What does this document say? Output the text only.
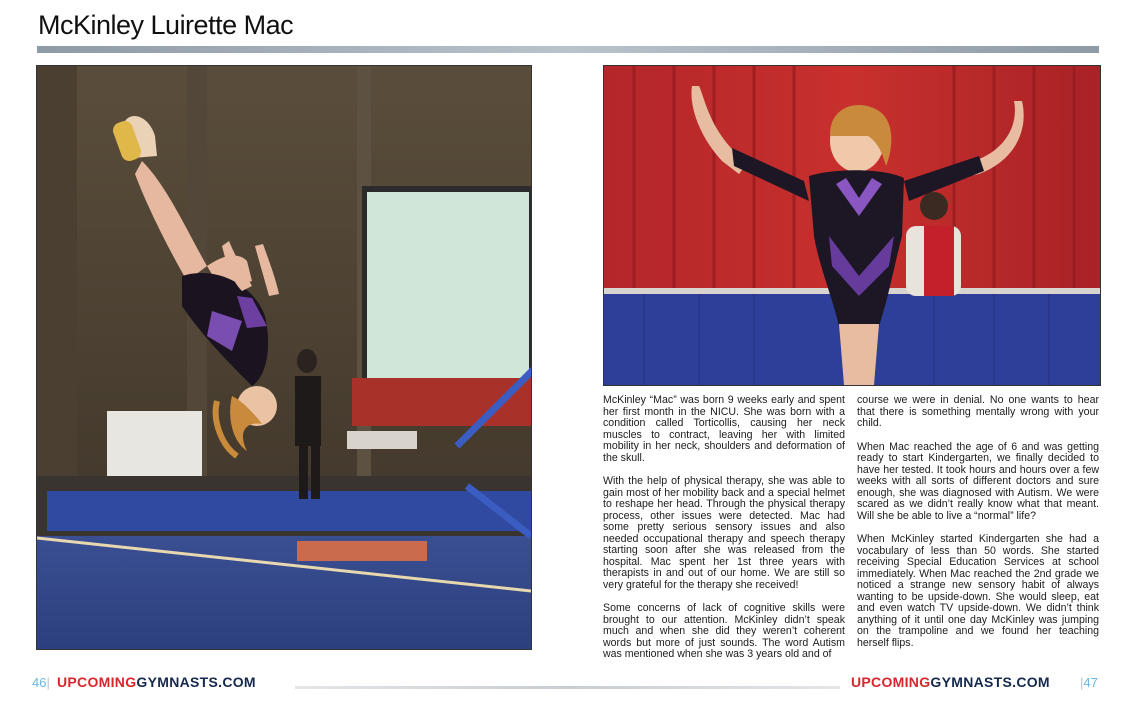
McKinley Luirette Mac

McKinley “Mac” was born 9 weeks early and spent her first month in the NICU. She was born with a condition called Torticollis, causing her neck muscles to contract, leaving her with limited mobility in her neck, shoulders and deformation of the skull.

With the help of physical therapy, she was able to gain most of her mobility back and a special helmet to reshape her head. Through the physical therapy process, other issues were detected. Mac had some pretty serious sensory issues and also needed occupational therapy and speech therapy starting soon after she was released from the hospital. Mac spent her 1st three years with therapists in and out of our home. We are still so very grateful for the therapy she received!

Some concerns of lack of cognitive skills were brought to our attention. McKinley didn’t speak much and when she did they weren’t coherent words but more of just sounds. The word Autism was mentioned when she was 3 years old and of

course we were in denial. No one wants to hear that there is something mentally wrong with your child.

When Mac reached the age of 6 and was getting ready to start Kindergarten, we finally decided to have her tested. It took hours and hours over a few weeks with all sorts of different doctors and sure enough, she was diagnosed with Autism. We were scared as we didn’t really know what that meant. Will she be able to live a “normal” life?

When McKinley started Kindergarten she had a vocabulary of less than 50 words. She started receiving Special Education Services at school immediately. When Mac reached the 2nd grade we noticed a strange new sensory habit of always wanting to be upside-down. She would sleep, eat and even watch TV upside-down. We didn’t think anything of it until one day McKinley was jumping on the trampoline and we found her teaching herself flips.

46| UPCOMINGGYMNASTS.COM	UPCOMINGGYMNASTS.COM |47
